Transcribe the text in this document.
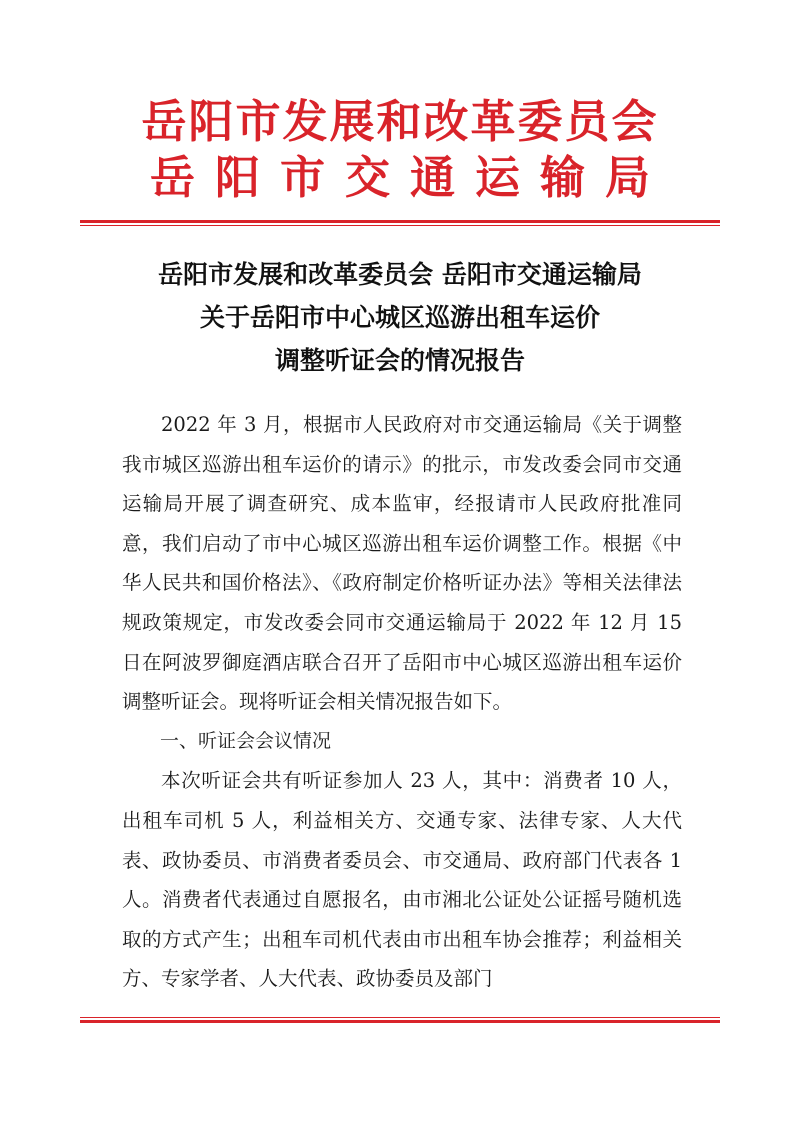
岳阳市发展和改革委员会
岳阳市交通运输局
岳阳市发展和改革委员会 岳阳市交通运输局
关于岳阳市中心城区巡游出租车运价
调整听证会的情况报告

2022 年 3 月，根据市人民政府对市交通运输局《关于调整我市城区巡游出租车运价的请示》的批示，市发改委会同市交通运输局开展了调查研究、成本监审，经报请市人民政府批准同意，我们启动了市中心城区巡游出租车运价调整工作。根据《中华人民共和国价格法》、《政府制定价格听证办法》等相关法律法规政策规定，市发改委会同市交通运输局于 2022 年 12 月 15 日在阿波罗御庭酒店联合召开了岳阳市中心城区巡游出租车运价调整听证会。现将听证会相关情况报告如下。

一、听证会会议情况

本次听证会共有听证参加人 23 人，其中：消费者 10 人，出租车司机 5 人，利益相关方、交通专家、法律专家、人大代表、政协委员、市消费者委员会、市交通局、政府部门代表各 1 人。消费者代表通过自愿报名，由市湘北公证处公证摇号随机选取的方式产生；出租车司机代表由市出租车协会推荐；利益相关方、专家学者、人大代表、政协委员及部门
